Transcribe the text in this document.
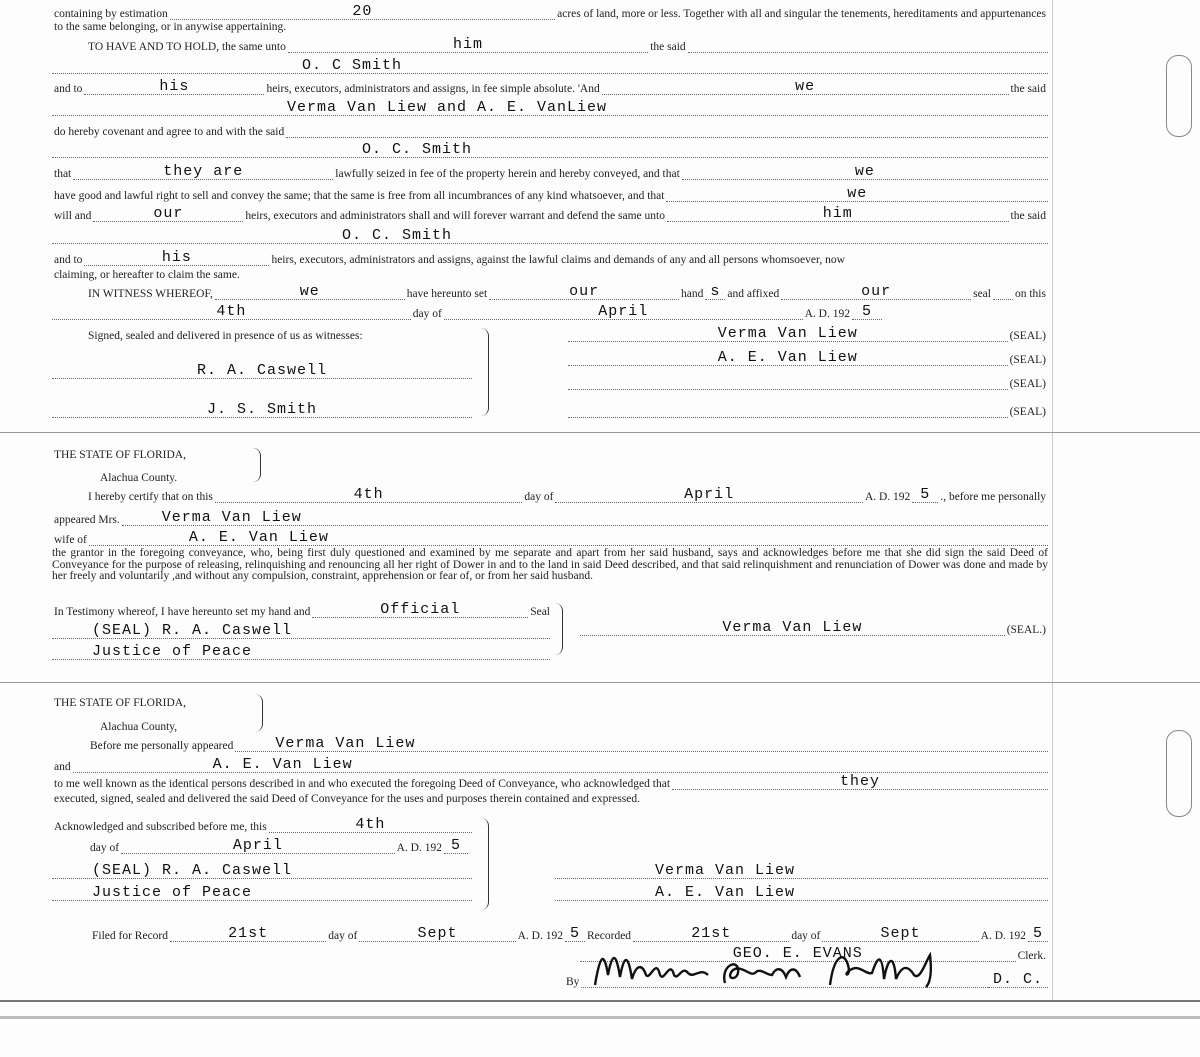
containing by estimation	20	acres of land, more or less. Together with all and singular the tenements, hereditaments and appurtenances
to the same belonging, or in anywise appertaining.
TO HAVE AND TO HOLD, the same unto	him	the said
O. C Smith
and to	his	heirs, executors, administrators and assigns, in fee simple absolute. 'And	we	the said
Verma Van Liew and A. E. VanLiew
do hereby covenant and agree to and with the said
O. C. Smith
that	they are	lawfully seized in fee of the property herein and hereby conveyed, and that	we
have good and lawful right to sell and convey the same; that the same is free from all incumbrances of any kind whatsoever, and that	we
will and	our	heirs, executors and administrators shall and will forever warrant and defend the same unto	him	the said
O. C. Smith
and to	his	heirs, executors, administrators and assigns, against the lawful claims and demands of any and all persons whomsoever, now
claiming, or hereafter to claim the same.
IN WITNESS WHEREOF,	we	have hereunto set	our	hand s and affixed	our	seal on this
4th	day of	April	A. D. 192 5
Signed, sealed and delivered in presence of us as witnesses:	Verma Van Liew	(SEAL)
A. E. Van Liew	(SEAL)
(SEAL)
(SEAL)
R. A. Caswell
J. S. Smith
THE STATE OF FLORIDA,
Alachua County.
I hereby certify that on this	4th	day of	April	A. D. 192 5 ., before me personally
appeared Mrs.	Verma Van Liew
wife of	A. E. Van Liew
the grantor in the foregoing conveyance, who, being first duly questioned and examined by me separate and apart from her said husband, says and acknowledges before me that she did sign the said Deed of Conveyance for the purpose of releasing, relinquishing and renouncing all her right of Dower in and to the land in said Deed described, and that said relinquishment and renunciation of Dower was done and made by her freely and voluntarily ,and without any compulsion, constraint, apprehension or fear of, or from her said husband.
In Testimony whereof, I have hereunto set my hand and	Official	Seal
(SEAL) R. A. Caswell
Justice of Peace
Verma Van Liew	(SEAL.)
THE STATE OF FLORIDA,
Alachua County,
Before me personally appeared	Verma Van Liew
and	A. E. Van Liew
to me well known as the identical persons described in and who executed the foregoing Deed of Conveyance, who acknowledged that	they
executed, signed, sealed and delivered the said Deed of Conveyance for the uses and purposes therein contained and expressed.
Acknowledged and subscribed before me, this	4th
day of	April	A. D. 192 5
(SEAL) R. A. Caswell
Justice of Peace
Verma Van Liew
A. E. Van Liew
Filed for Record	21st	day of	Sept	A. D. 192 5 Recorded	21st	day of	Sept	A. D. 192 5
GEO. E. EVANS	Clerk.
By	D. C.
